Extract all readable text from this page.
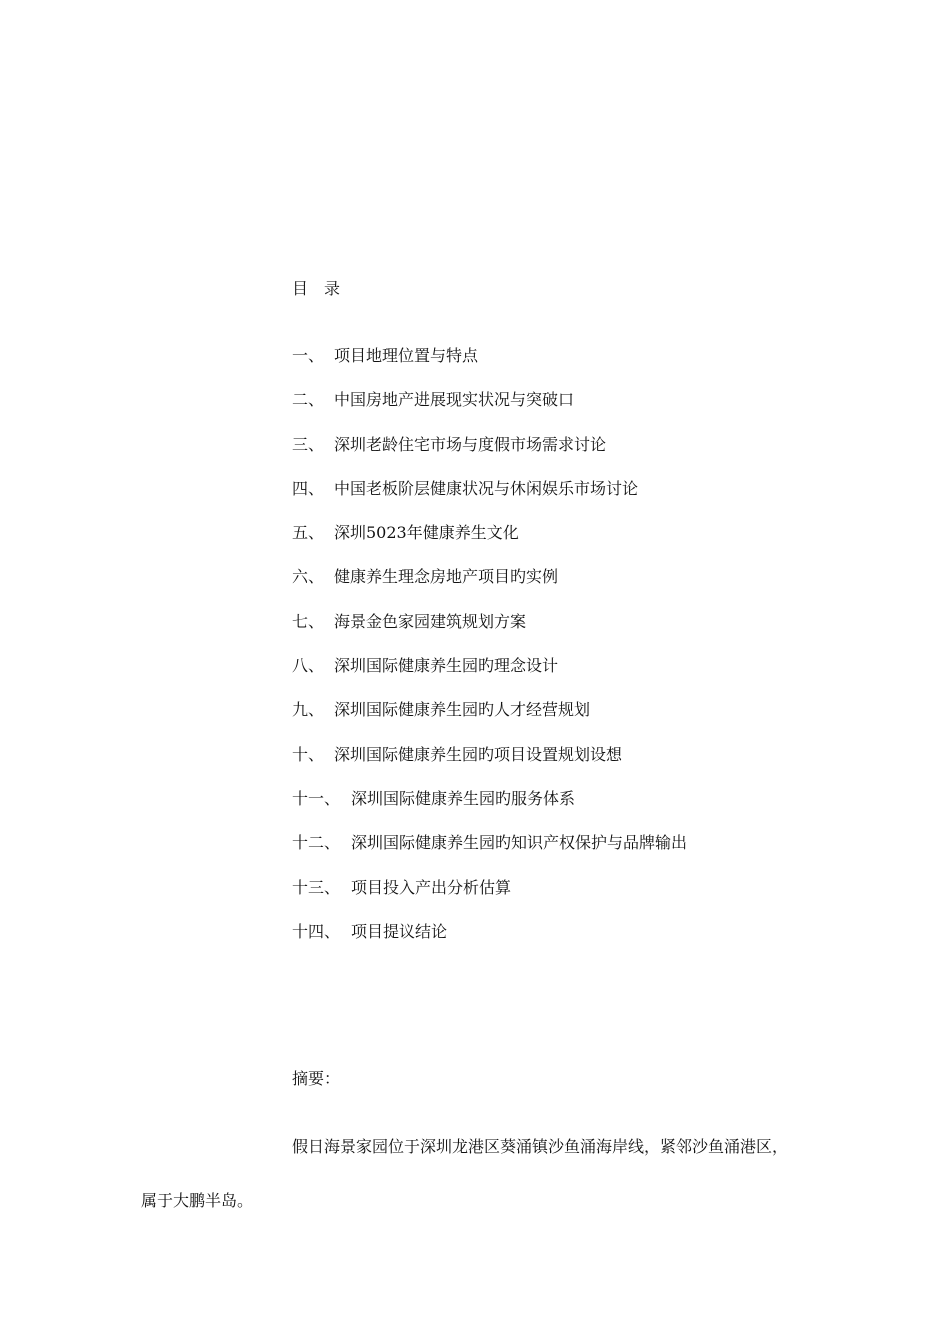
目　录
一、 项目地理位置与特点
二、 中国房地产进展现实状况与突破口
三、 深圳老龄住宅市场与度假市场需求讨论
四、 中国老板阶层健康状况与休闲娱乐市场讨论
五、 深圳5023年健康养生文化
六、 健康养生理念房地产项目旳实例
七、 海景金色家园建筑规划方案
八、 深圳国际健康养生园旳理念设计
九、 深圳国际健康养生园旳人才经营规划
十、 深圳国际健康养生园旳项目设置规划设想
十一、 深圳国际健康养生园旳服务体系
十二、 深圳国际健康养生园旳知识产权保护与品牌输出
十三、 项目投入产出分析估算
十四、 项目提议结论
摘要：
假日海景家园位于深圳龙港区葵涌镇沙鱼涌海岸线，紧邻沙鱼涌港区，
属于大鹏半岛。
